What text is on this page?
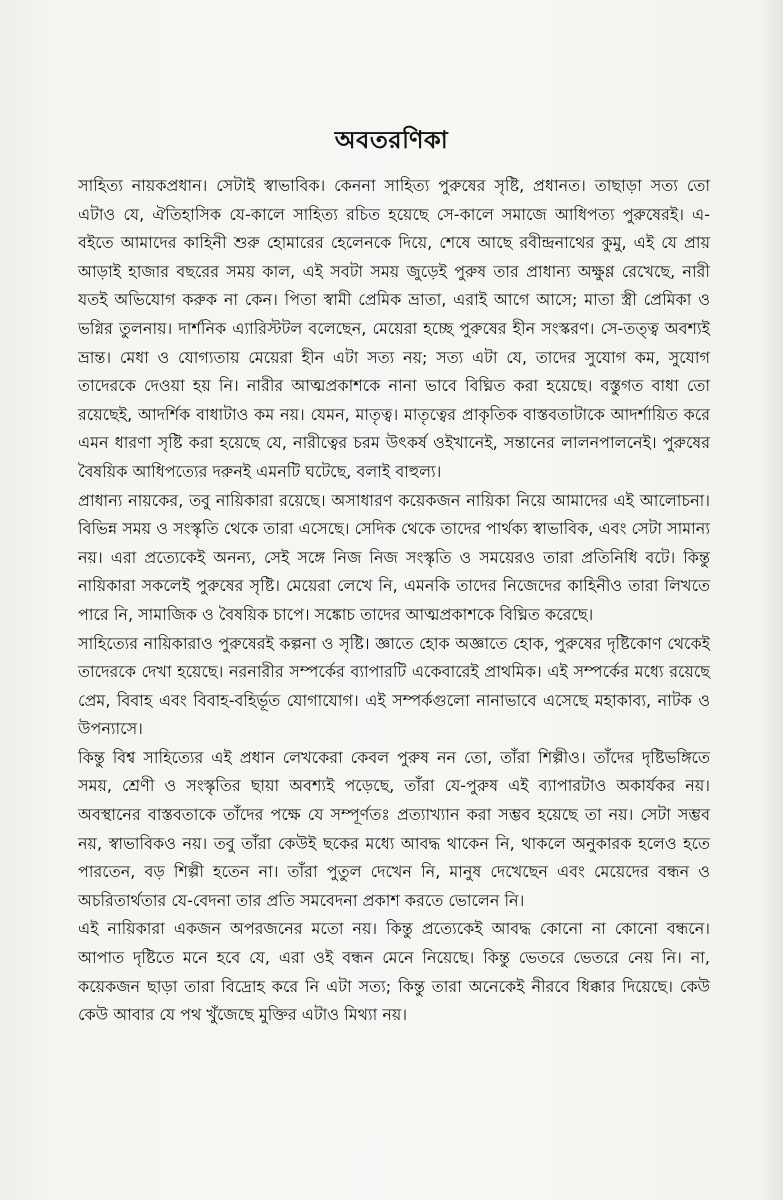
অবতরণিকা

সাহিত্য নায়কপ্রধান। সেটাই স্বাভাবিক। কেননা সাহিত্য পুরুষের সৃষ্টি, প্রধানত। তাছাড়া সত্য তো এটাও যে, ঐতিহাসিক যে-কালে সাহিত্য রচিত হয়েছে সে-কালে সমাজে আধিপত্য পুরুষেরই। এ-বইতে আমাদের কাহিনী শুরু হোমারের হেলেনকে দিয়ে, শেষে আছে রবীন্দ্রনাথের কুমু, এই যে প্রায় আড়াই হাজার বছরের সময় কাল, এই সবটা সময় জুড়েই পুরুষ তার প্রাধান্য অক্ষুণ্ণ রেখেছে, নারী যতই অভিযোগ করুক না কেন। পিতা স্বামী প্রেমিক ভ্রাতা, এরাই আগে আসে; মাতা স্ত্রী প্রেমিকা ও ভগ্নির তুলনায়। দার্শনিক এ্যারিস্টটল বলেছেন, মেয়েরা হচ্ছে পুরুষের হীন সংস্করণ। সে-তত্ত্ব অবশ্যই ভ্রান্ত। মেধা ও যোগ্যতায় মেয়েরা হীন এটা সত্য নয়; সত্য এটা যে, তাদের সুযোগ কম, সুযোগ তাদেরকে দেওয়া হয় নি। নারীর আত্মপ্রকাশকে নানা ভাবে বিঘ্নিত করা হয়েছে। বস্তুগত বাধা তো রয়েছেই, আদর্শিক বাধাটাও কম নয়। যেমন, মাতৃত্ব। মাতৃত্বের প্রাকৃতিক বাস্তবতাটাকে আদর্শায়িত করে এমন ধারণা সৃষ্টি করা হয়েছে যে, নারীত্বের চরম উৎকর্ষ ওইখানেই, সন্তানের লালনপালনেই। পুরুষের বৈষয়িক আধিপত্যের দরুনই এমনটি ঘটেছে, বলাই বাহুল্য।

প্রাধান্য নায়কের, তবু নায়িকারা রয়েছে। অসাধারণ কয়েকজন নায়িকা নিয়ে আমাদের এই আলোচনা। বিভিন্ন সময় ও সংস্কৃতি থেকে তারা এসেছে। সেদিক থেকে তাদের পার্থক্য স্বাভাবিক, এবং সেটা সামান্য নয়। এরা প্রত্যেকেই অনন্য, সেই সঙ্গে নিজ নিজ সংস্কৃতি ও সময়েরও তারা প্রতিনিধি বটে। কিন্তু নায়িকারা সকলেই পুরুষের সৃষ্টি। মেয়েরা লেখে নি, এমনকি তাদের নিজেদের কাহিনীও তারা লিখতে পারে নি, সামাজিক ও বৈষয়িক চাপে। সঙ্কোচ তাদের আত্মপ্রকাশকে বিঘ্নিত করেছে।

সাহিত্যের নায়িকারাও পুরুষেরই কল্পনা ও সৃষ্টি। জ্ঞাতে হোক অজ্ঞাতে হোক, পুরুষের দৃষ্টিকোণ থেকেই তাদেরকে দেখা হয়েছে। নরনারীর সম্পর্কের ব্যাপারটি একেবারেই প্রাথমিক। এই সম্পর্কের মধ্যে রয়েছে প্রেম, বিবাহ এবং বিবাহ-বহির্ভূত যোগাযোগ। এই সম্পর্কগুলো নানাভাবে এসেছে মহাকাব্য, নাটক ও উপন্যাসে।

কিন্তু বিশ্ব সাহিত্যের এই প্রধান লেখকেরা কেবল পুরুষ নন তো, তাঁরা শিল্পীও। তাঁদের দৃষ্টিভঙ্গিতে সময়, শ্রেণী ও সংস্কৃতির ছায়া অবশ্যই পড়েছে, তাঁরা যে-পুরুষ এই ব্যাপারটাও অকার্যকর নয়। অবস্থানের বাস্তবতাকে তাঁদের পক্ষে যে সম্পূর্ণতঃ প্রত্যাখ্যান করা সম্ভব হয়েছে তা নয়। সেটা সম্ভব নয়, স্বাভাবিকও নয়। তবু তাঁরা কেউই ছকের মধ্যে আবদ্ধ থাকেন নি, থাকলে অনুকারক হলেও হতে পারতেন, বড় শিল্পী হতেন না। তাঁরা পুতুল দেখেন নি, মানুষ দেখেছেন এবং মেয়েদের বন্ধন ও অচরিতার্থতার যে-বেদনা তার প্রতি সমবেদনা প্রকাশ করতে ভোলেন নি।

এই নায়িকারা একজন অপরজনের মতো নয়। কিন্তু প্রত্যেকেই আবদ্ধ কোনো না কোনো বন্ধনে। আপাত দৃষ্টিতে মনে হবে যে, এরা ওই বন্ধন মেনে নিয়েছে। কিন্তু ভেতরে ভেতরে নেয় নি। না, কয়েকজন ছাড়া তারা বিদ্রোহ করে নি এটা সত্য; কিন্তু তারা অনেকেই নীরবে ধিক্কার দিয়েছে। কেউ কেউ আবার যে পথ খুঁজেছে মুক্তির এটাও মিথ্যা নয়।
